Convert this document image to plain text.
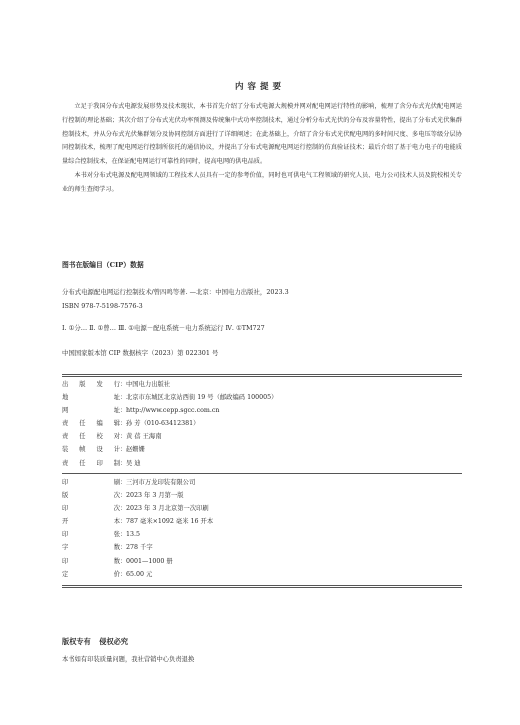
内容提要

立足于我国分布式电源发展形势及技术现状，本书首先介绍了分布式电源大规模并网对配电网运行特性的影响，梳理了含分布式光伏配电网运行控制的理论基础；其次介绍了分布式光伏功率预测及传统集中式功率控制技术，通过分析分布式光伏的分布及容量特性，提出了分布式光伏集群控制技术，并从分布式光伏集群划分及协同控制方面进行了详细阐述；在此基础上，介绍了含分布式光伏配电网的多时间尺度、多电压等级分层协同控制技术，梳理了配电网运行控制所依托的通信协议，并提出了分布式电源配电网运行控制的仿真验证技术；最后介绍了基于电力电子的电能质量综合控制技术，在保证配电网运行可靠性的同时，提高电网的供电品质。

本书对分布式电源及配电网领域的工程技术人员具有一定的参考价值，同时也可供电气工程领域的研究人员、电力公司技术人员及院校相关专业的师生查阅学习。

图书在版编目（CIP）数据
分布式电源配电网运行控制技术/曾四鸣等著. —北京：中国电力出版社，2023.3
ISBN 978-7-5198-7576-3
Ⅰ. ①分… Ⅱ. ①曾… Ⅲ. ①电源－配电系统－电力系统运行 Ⅳ. ①TM727
中国国家版本馆 CIP 数据核字（2023）第 022301 号
出版发行 ： 中国电力出版社
地址 ： 北京市东城区北京站西街 19 号（邮政编码 100005）
网址 ： http://www.cepp.sgcc.com.cn
责任编辑 ： 孙 芳（010-63412381）
责任校对 ： 黄 蓓 王海南
装帧设计 ： 赵姗姗
责任印制 ： 吴 迪
印刷 ： 三河市万龙印装有限公司
版次 ： 2023 年 3 月第一版
印次 ： 2023 年 3 月北京第一次印刷
开本 ： 787 毫米×1092 毫米 16 开本
印张 ： 13.5
字数 ： 278 千字
印数 ： 0001—1000 册
定价 ： 65.00 元
版权专有 侵权必究
本书如有印装质量问题，我社营销中心负责退换
